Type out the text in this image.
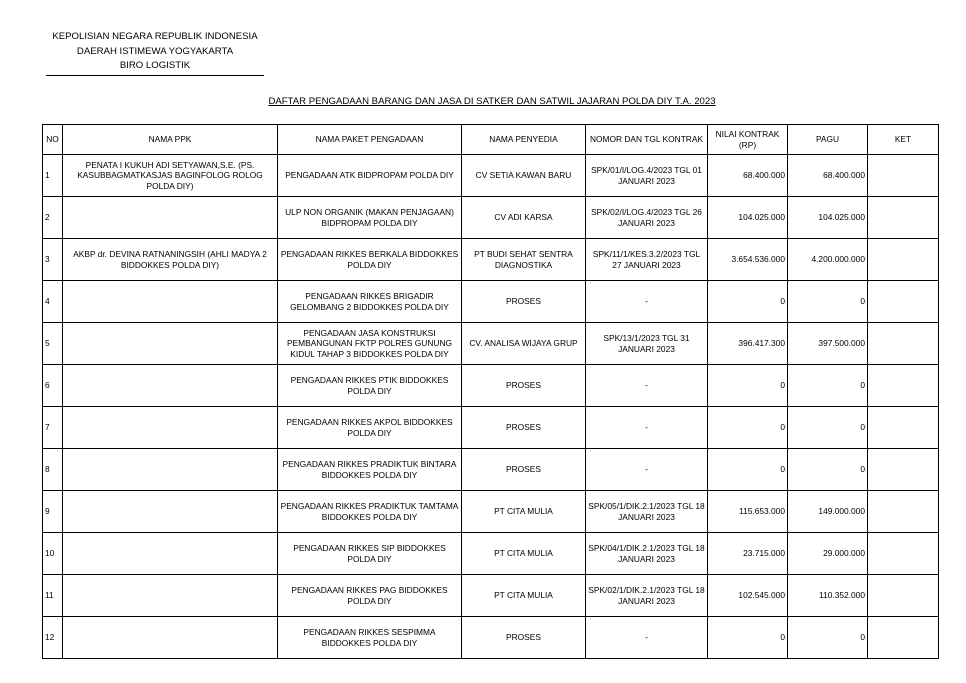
KEPOLISIAN NEGARA REPUBLIK INDONESIA
DAERAH ISTIMEWA YOGYAKARTA
BIRO LOGISTIK
DAFTAR PENGADAAN BARANG DAN JASA DI SATKER DAN SATWIL JAJARAN POLDA DIY T.A. 2023
NO	NAMA PPK	NAMA PAKET PENGADAAN	NAMA PENYEDIA	NOMOR DAN TGL KONTRAK	NILAI KONTRAK (RP)	PAGU	KET
1	PENATA I KUKUH ADI SETYAWAN,S.E. (PS. KASUBBAGMATKASJAS BAGINFOLOG ROLOG POLDA DIY)	PENGADAAN ATK BIDPROPAM POLDA DIY	CV SETIA KAWAN BARU	SPK/01/I/LOG.4/2023 TGL 01 JANUARI 2023	68.400.000	68.400.000	
2		ULP NON ORGANIK (MAKAN PENJAGAAN) BIDPROPAM POLDA DIY	CV ADI KARSA	SPK/02/I/LOG.4/2023 TGL 26 JANUARI 2023	104.025.000	104.025.000	
3	AKBP dr. DEVINA RATNANINGSIH (AHLI MADYA 2 BIDDOKKES POLDA DIY)	PENGADAAN RIKKES BERKALA BIDDOKKES POLDA DIY	PT BUDI SEHAT SENTRA DIAGNOSTIKA	SPK/11/1/KES.3.2/2023 TGL 27 JANUARI 2023	3.654.536.000	4.200.000.000	
4		PENGADAAN RIKKES BRIGADIR GELOMBANG 2 BIDDOKKES POLDA DIY	PROSES	-	0	0	
5		PENGADAAN JASA KONSTRUKSI PEMBANGUNAN FKTP POLRES GUNUNG KIDUL TAHAP 3 BIDDOKKES POLDA DIY	CV. ANALISA WIJAYA GRUP	SPK/13/1/2023 TGL 31 JANUARI 2023	396.417.300	397.500.000	
6		PENGADAAN RIKKES PTIK BIDDOKKES POLDA DIY	PROSES	-	0	0	
7		PENGADAAN RIKKES AKPOL BIDDOKKES POLDA DIY	PROSES	-	0	0	
8		PENGADAAN RIKKES PRADIKTUK BINTARA BIDDOKKES POLDA DIY	PROSES	-	0	0	
9		PENGADAAN RIKKES PRADIKTUK TAMTAMA BIDDOKKES POLDA DIY	PT CITA MULIA	SPK/05/1/DIK.2.1/2023 TGL 18 JANUARI 2023	115.653.000	149.000.000	
10		PENGADAAN RIKKES SIP BIDDOKKES POLDA DIY	PT CITA MULIA	SPK/04/1/DIK.2.1/2023 TGL 18 JANUARI 2023	23.715.000	29.000.000	
11		PENGADAAN RIKKES PAG BIDDOKKES POLDA DIY	PT CITA MULIA	SPK/02/1/DIK.2.1/2023 TGL 18 JANUARI 2023	102.545.000	110.352.000	
12		PENGADAAN RIKKES SESPIMMA BIDDOKKES POLDA DIY	PROSES	-	0	0	
